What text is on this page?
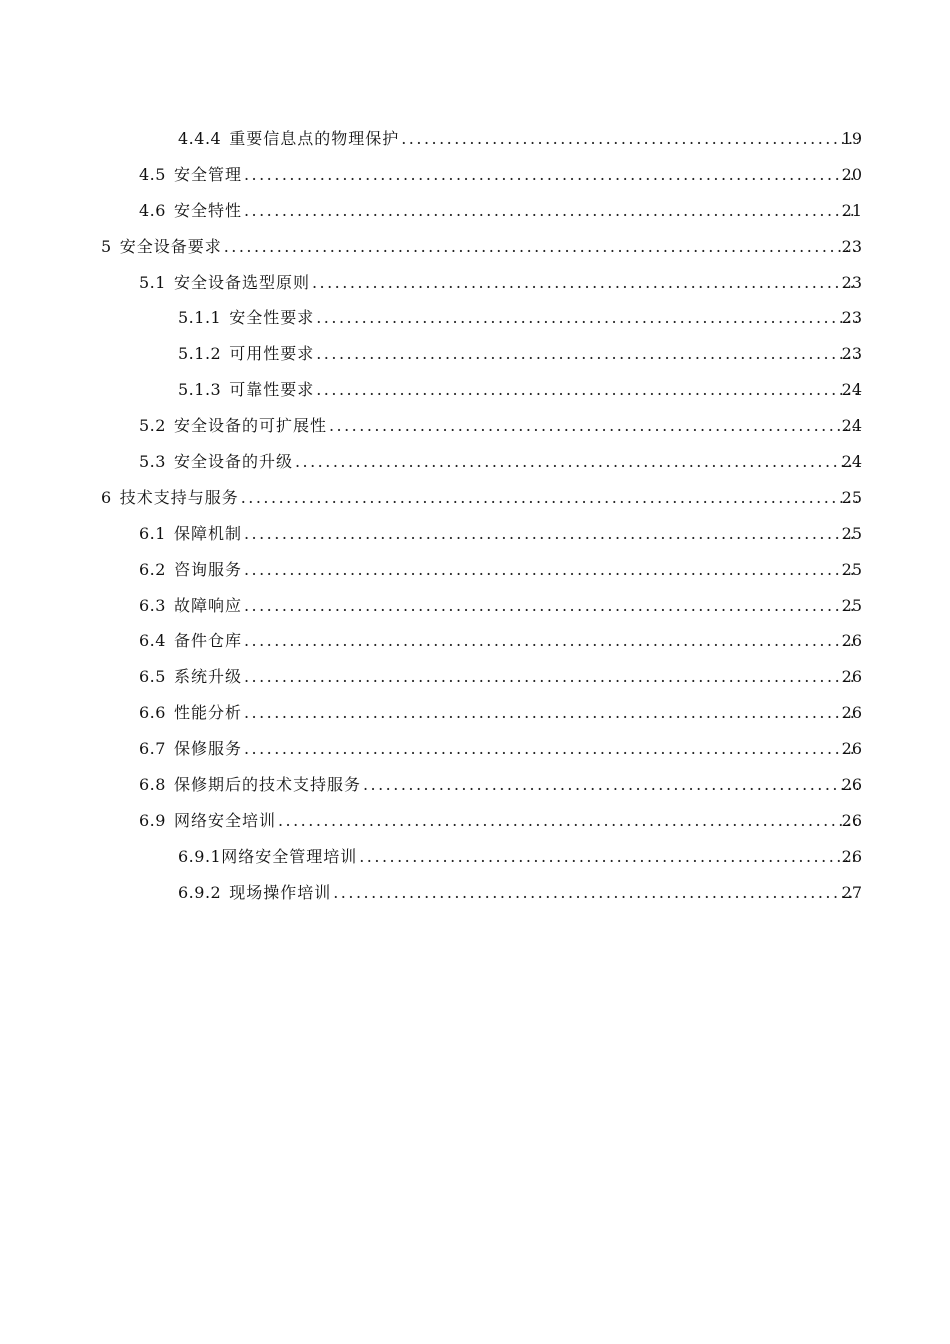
4.4.4 重要信息点的物理保护 . . .	19
4.5 安全管理 . . .	20
4.6 安全特性 . . .	21
5 安全设备要求 . . .	23
5.1 安全设备选型原则 . . .	23
5.1.1 安全性要求 . . .	23
5.1.2 可用性要求 . . .	23
5.1.3 可靠性要求 . . .	24
5.2 安全设备的可扩展性 . . .	24
5.3 安全设备的升级 . . .	24
6 技术支持与服务 . . .	25
6.1 保障机制 . . .	25
6.2 咨询服务 . . .	25
6.3 故障响应 . . .	25
6.4 备件仓库 . . .	26
6.5 系统升级 . . .	26
6.6 性能分析 . . .	26
6.7 保修服务 . . .	26
6.8 保修期后的技术支持服务 . . .	26
6.9 网络安全培训 . . .	26
6.9.1 网络安全管理培训 . . .	26
6.9.2 现场操作培训 . . .	27
